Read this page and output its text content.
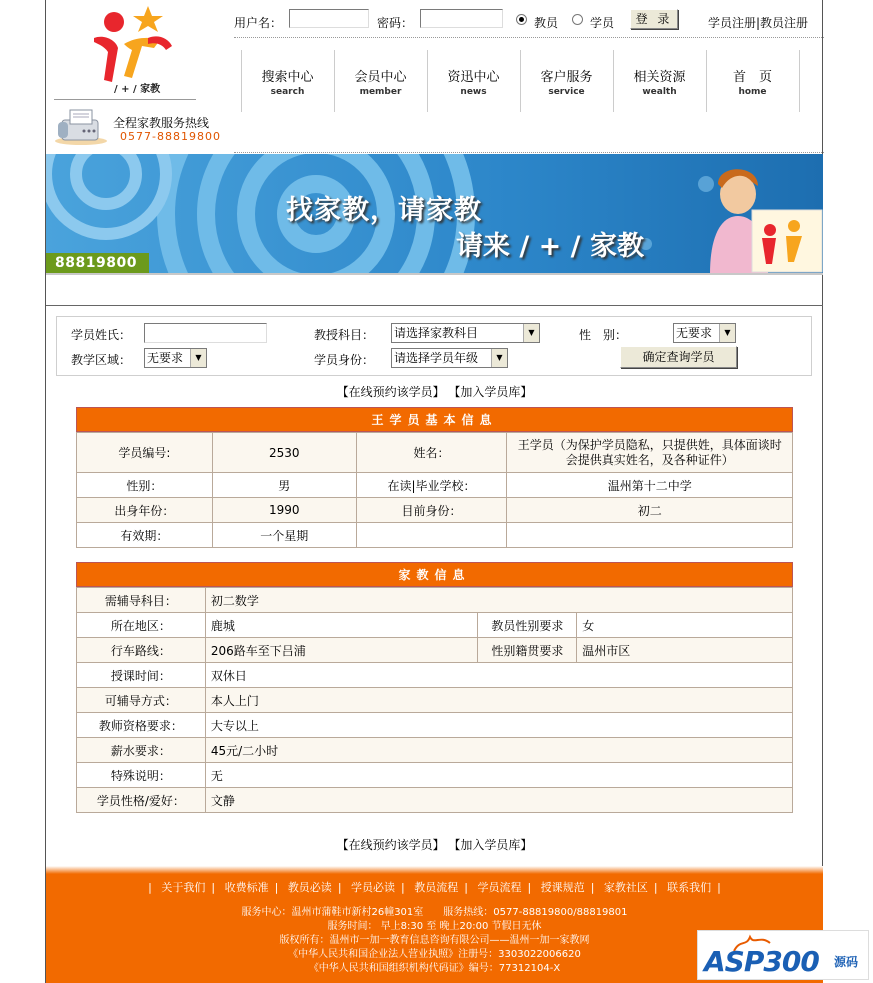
/ + / 家教
全程家教服务热线
0577-88819800
用户名：	密码：	教员	学员	登 录	学员注册|教员注册
搜索中心
search
会员中心
member
资迅中心
news
客户服务
service
相关资源
wealth
首　页
home
找家教，请家教
请来 / + / 家教
88819800
学员姓氏：	教授科目： 请选择家教科目	▼	性　别：	无要求	▼
教学区域： 无要求	▼	学员身份： 请选择学员年级	▼	确定查询学员
【在线预约该学员】 【加入学员库】
王学员基本信息
学员编号:	2530	姓名：	王学员（为保护学员隐私，只提供姓，具体面谈时会提供真实姓名，及各种证件）
性别：	男	在读|毕业学校：	温州第十二中学
出身年份：	1990	目前身份：	初二
有效期：	一个星期		
家教信息
需辅导科目：	初二数学		
所在地区：	鹿城	教员性别要求	女
行车路线：	206路车至下吕浦	性别籍贯要求	温州市区
授课时间：	双休日		
可辅导方式：	本人上门		
教师资格要求：	大专以上		
薪水要求：	45元/二小时		
特殊说明：	无		
学员性格/爱好：	文静		
【在线预约该学员】 【加入学员库】
| 关于我们 | 收费标准 | 教员必读 | 学员必读 | 教员流程 | 学员流程 | 授课规范 | 家教社区 | 联系我们 |
服务中心：温州市蒲鞋市新村26幢301室　　服务热线：0577-88819800/88819801
服务时间： 早上8:30 至 晚上20:00 节假日无休
版权所有：温州市一加一教育信息咨询有限公司——温州一加一家教网
《中华人民共和国企业法人营业执照》注册号：3303022006620
《中华人民共和国组织机构代码证》编号：77312104-X	ASP300 源码
